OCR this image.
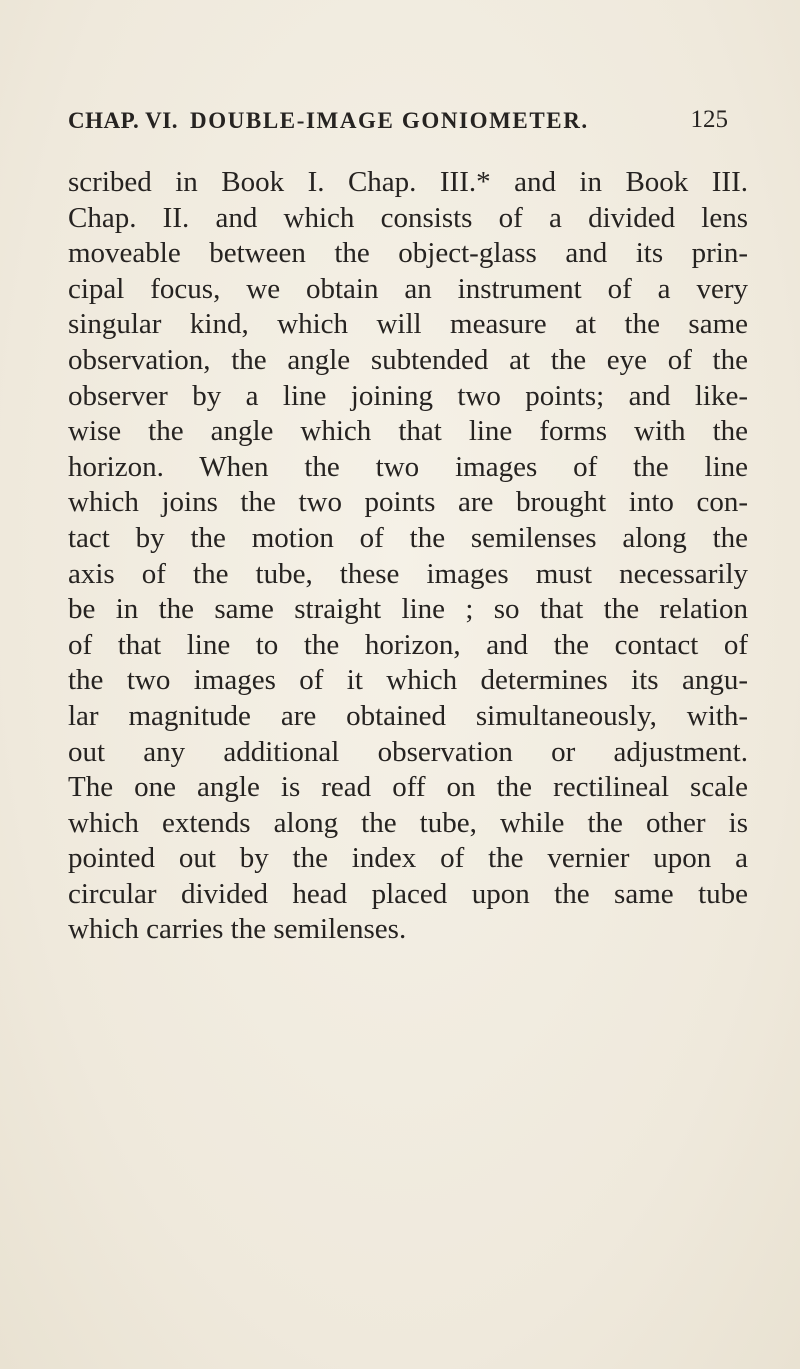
CHAP. VI. DOUBLE-IMAGE GONIOMETER.	125
scribed in Book I. Chap. III.* and in Book III.
Chap. II. and which consists of a divided lens
moveable between the object-glass and its prin-
cipal focus, we obtain an instrument of a very
singular kind, which will measure at the same
observation, the angle subtended at the eye of the
observer by a line joining two points; and like-
wise the angle which that line forms with the
horizon. When the two images of the line
which joins the two points are brought into con-
tact by the motion of the semilenses along the
axis of the tube, these images must necessarily
be in the same straight line ; so that the relation
of that line to the horizon, and the contact of
the two images of it which determines its angu-
lar magnitude are obtained simultaneously, with-
out any additional observation or adjustment.
The one angle is read off on the rectilineal scale
which extends along the tube, while the other is
pointed out by the index of the vernier upon a
circular divided head placed upon the same tube
which carries the semilenses.
